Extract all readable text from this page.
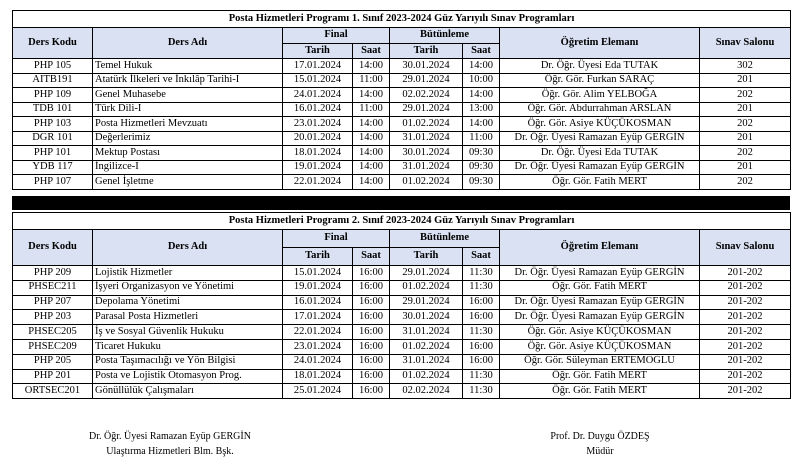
Posta Hizmetleri Programı 1. Sınıf 2023-2024 Güz Yarıyılı Sınav Programları							
Ders Kodu	Ders Adı	Final		Bütünleme		Öğretim Elemanı	Sınav Salonu
		Tarih	Saat	Tarih	Saat		
PHP 105	Temel Hukuk	17.01.2024	14:00	30.01.2024	14:00	Dr. Öğr. Üyesi Eda TUTAK	302
AITB191	Atatürk İlkeleri ve İnkılâp Tarihi-I	15.01.2024	11:00	29.01.2024	10:00	Öğr. Gör. Furkan SARAÇ	201
PHP 109	Genel Muhasebe	24.01.2024	14:00	02.02.2024	14:00	Öğr. Gör. Alim YELBOĞA	202
TDB 101	Türk Dili-I	16.01.2024	11:00	29.01.2024	13:00	Öğr. Gör. Abdurrahman ARSLAN	201
PHP 103	Posta Hizmetleri Mevzuatı	23.01.2024	14:00	01.02.2024	14:00	Öğr. Gör. Asiye KÜÇÜKOSMAN	202
DGR 101	Değerlerimiz	20.01.2024	14:00	31.01.2024	11:00	Dr. Öğr. Üyesi Ramazan Eyüp GERGİN	201
PHP 101	Mektup Postası	18.01.2024	14:00	30.01.2024	09:30	Dr. Öğr. Üyesi Eda TUTAK	202
YDB 117	İngilizce-I	19.01.2024	14:00	31.01.2024	09:30	Dr. Öğr. Üyesi Ramazan Eyüp GERGİN	201
PHP 107	Genel İşletme	22.01.2024	14:00	01.02.2024	09:30	Öğr. Gör. Fatih MERT	202
Posta Hizmetleri Programı 2. Sınıf 2023-2024 Güz Yarıyılı Sınav Programları							
Ders Kodu	Ders Adı	Final		Bütünleme		Öğretim Elemanı	Sınav Salonu
		Tarih	Saat	Tarih	Saat		
PHP 209	Lojistik Hizmetler	15.01.2024	16:00	29.01.2024	11:30	Dr. Öğr. Üyesi Ramazan Eyüp GERGİN	201-202
PHSEC211	İşyeri Organizasyon ve Yönetimi	19.01.2024	16:00	01.02.2024	11:30	Öğr. Gör. Fatih MERT	201-202
PHP 207	Depolama Yönetimi	16.01.2024	16:00	29.01.2024	16:00	Dr. Öğr. Üyesi Ramazan Eyüp GERGİN	201-202
PHP 203	Parasal Posta Hizmetleri	17.01.2024	16:00	30.01.2024	16:00	Dr. Öğr. Üyesi Ramazan Eyüp GERGİN	201-202
PHSEC205	İş ve Sosyal Güvenlik Hukuku	22.01.2024	16:00	31.01.2024	11:30	Öğr. Gör. Asiye KÜÇÜKOSMAN	201-202
PHSEC209	Ticaret Hukuku	23.01.2024	16:00	01.02.2024	16:00	Öğr. Gör. Asiye KÜÇÜKOSMAN	201-202
PHP 205	Posta Taşımacılığı ve Yön Bilgisi	24.01.2024	16:00	31.01.2024	16:00	Öğr. Gör. Süleyman ERTEMOĞLU	201-202
PHP 201	Posta ve Lojistik Otomasyon Prog.	18.01.2024	16:00	01.02.2024	11:30	Öğr. Gör. Fatih MERT	201-202
ORTSEC201	Gönüllülük Çalışmaları	25.01.2024	16:00	02.02.2024	11:30	Öğr. Gör. Fatih MERT	201-202
Dr. Öğr. Üyesi Ramazan Eyüp GERGİN
Ulaştırma Hizmetleri Blm. Bşk.
Prof. Dr. Duygu ÖZDEŞ
Müdür
